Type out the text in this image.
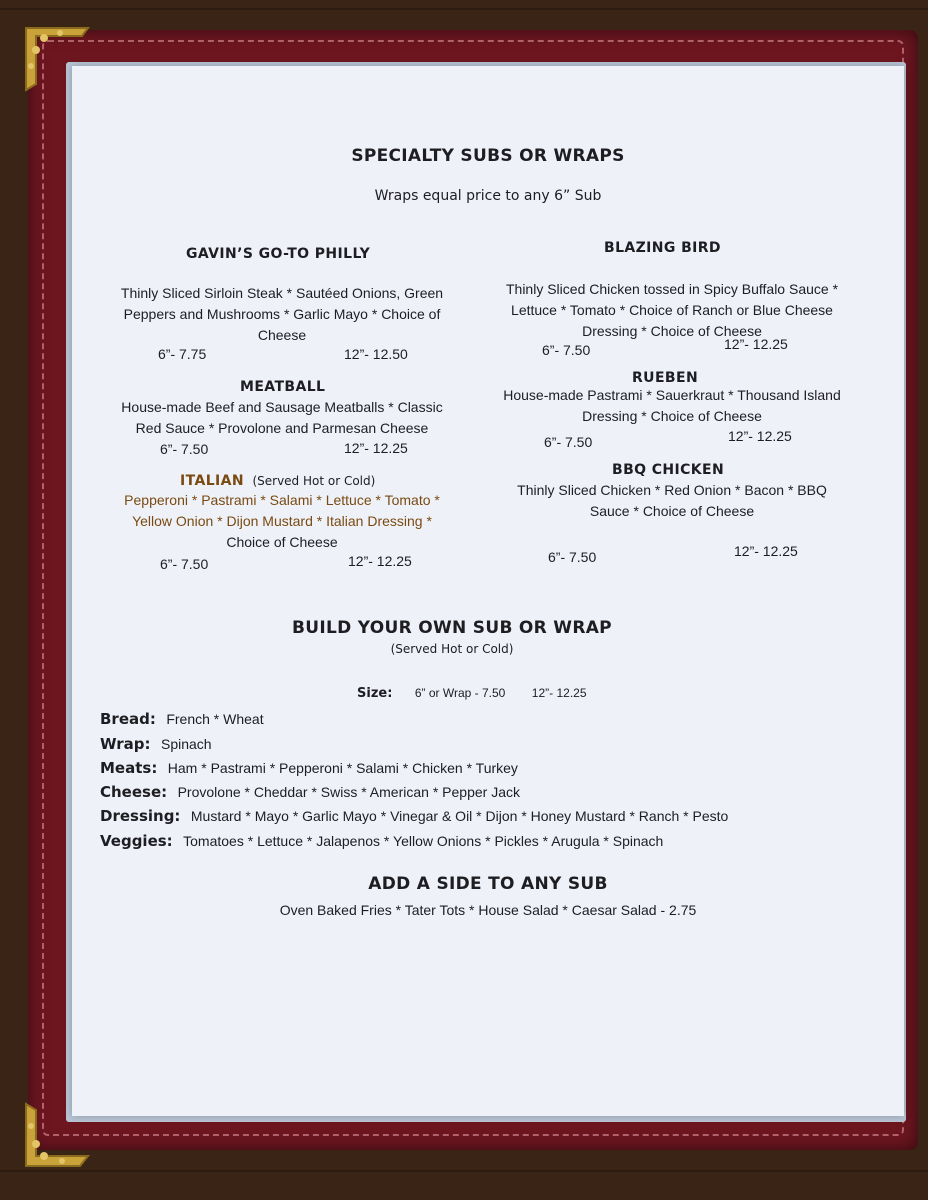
SPECIALTY SUBS OR WRAPS
Wraps equal price to any 6” Sub
GAVIN’S GO-TO PHILLY
Thinly Sliced Sirloin Steak * Sautéed Onions, Green
Peppers and Mushrooms * Garlic Mayo * Choice of
Cheese
6”- 7.75	12”- 12.50
BLAZING BIRD
Thinly Sliced Chicken tossed in Spicy Buffalo Sauce *
Lettuce * Tomato * Choice of Ranch or Blue Cheese
Dressing * Choice of Cheese
6”- 7.50	12”- 12.25
MEATBALL
House-made Beef and Sausage Meatballs * Classic
Red Sauce * Provolone and Parmesan Cheese
6”- 7.50	12”- 12.25
RUEBEN
House-made Pastrami * Sauerkraut * Thousand Island
Dressing * Choice of Cheese
6”- 7.50	12”- 12.25
ITALIAN (Served Hot or Cold)
Pepperoni * Pastrami * Salami * Lettuce * Tomato *
Yellow Onion * Dijon Mustard * Italian Dressing *
Choice of Cheese
6”- 7.50	12”- 12.25
BBQ CHICKEN
Thinly Sliced Chicken * Red Onion * Bacon * BBQ
Sauce * Choice of Cheese
6”- 7.50	12”- 12.25
BUILD YOUR OWN SUB OR WRAP
(Served Hot or Cold)
Size: 6” or Wrap - 7.50 12”- 12.25
Bread: French * Wheat
Wrap: Spinach
Meats: Ham * Pastrami * Pepperoni * Salami * Chicken * Turkey
Cheese: Provolone * Cheddar * Swiss * American * Pepper Jack
Dressing: Mustard * Mayo * Garlic Mayo * Vinegar & Oil * Dijon * Honey Mustard * Ranch * Pesto
Veggies: Tomatoes * Lettuce * Jalapenos * Yellow Onions * Pickles * Arugula * Spinach
ADD A SIDE TO ANY SUB
Oven Baked Fries * Tater Tots * House Salad * Caesar Salad - 2.75
